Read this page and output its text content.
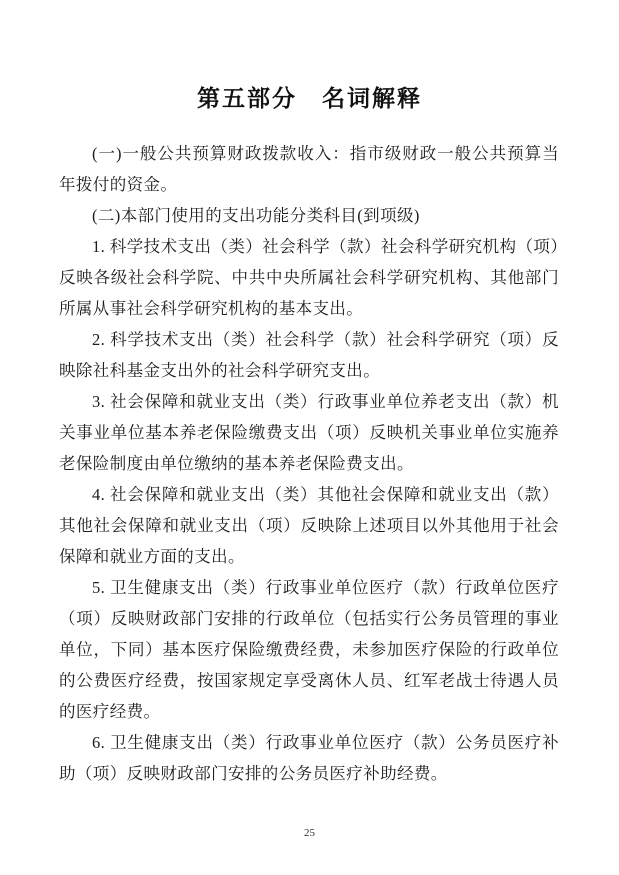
第五部分　名词解释

(一)一般公共预算财政拨款收入：指市级财政一般公共预算当年拨付的资金。

(二)本部门使用的支出功能分类科目(到项级)

1. 科学技术支出（类）社会科学（款）社会科学研究机构（项）反映各级社会科学院、中共中央所属社会科学研究机构、其他部门所属从事社会科学研究机构的基本支出。

2. 科学技术支出（类）社会科学（款）社会科学研究（项）反映除社科基金支出外的社会科学研究支出。

3. 社会保障和就业支出（类）行政事业单位养老支出（款）机关事业单位基本养老保险缴费支出（项）反映机关事业单位实施养老保险制度由单位缴纳的基本养老保险费支出。

4. 社会保障和就业支出（类）其他社会保障和就业支出（款）其他社会保障和就业支出（项）反映除上述项目以外其他用于社会保障和就业方面的支出。

5. 卫生健康支出（类）行政事业单位医疗（款）行政单位医疗（项）反映财政部门安排的行政单位（包括实行公务员管理的事业单位，下同）基本医疗保险缴费经费，未参加医疗保险的行政单位的公费医疗经费，按国家规定享受离休人员、红军老战士待遇人员的医疗经费。

6. 卫生健康支出（类）行政事业单位医疗（款）公务员医疗补助（项）反映财政部门安排的公务员医疗补助经费。

25
